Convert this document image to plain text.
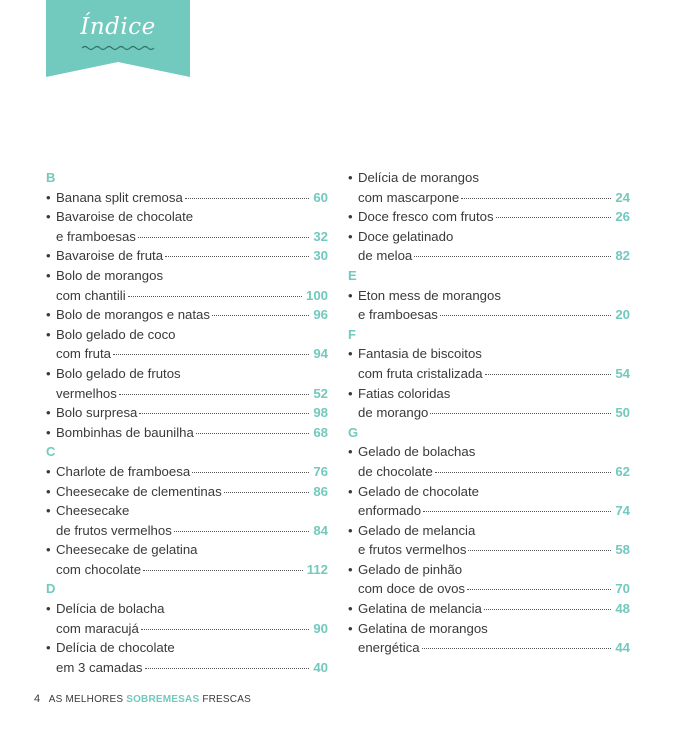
Índice
B
• Banana split cremosa	60
• Bavaroise de chocolate
e framboesas	32
• Bavaroise de fruta	30
• Bolo de morangos
com chantili	100
• Bolo de morangos e natas	96
• Bolo gelado de coco
com fruta	94
• Bolo gelado de frutos
vermelhos	52
• Bolo surpresa	98
• Bombinhas de baunilha	68
C
• Charlote de framboesa	76
• Cheesecake de clementinas	86
• Cheesecake
de frutos vermelhos	84
• Cheesecake de gelatina
com chocolate	112
D
• Delícia de bolacha
com maracujá	90
• Delícia de chocolate
em 3 camadas	40
• Delícia de morangos
com mascarpone	24
• Doce fresco com frutos	26
• Doce gelatinado
de meloa	82
E
• Eton mess de morangos
e framboesas	20
F
• Fantasia de biscoitos
com fruta cristalizada	54
• Fatias coloridas
de morango	50
G
• Gelado de bolachas
de chocolate	62
• Gelado de chocolate
enformado	74
• Gelado de melancia
e frutos vermelhos	58
• Gelado de pinhão
com doce de ovos	70
• Gelatina de melancia	48
• Gelatina de morangos
energética	44
4 AS MELHORES SOBREMESAS FRESCAS
